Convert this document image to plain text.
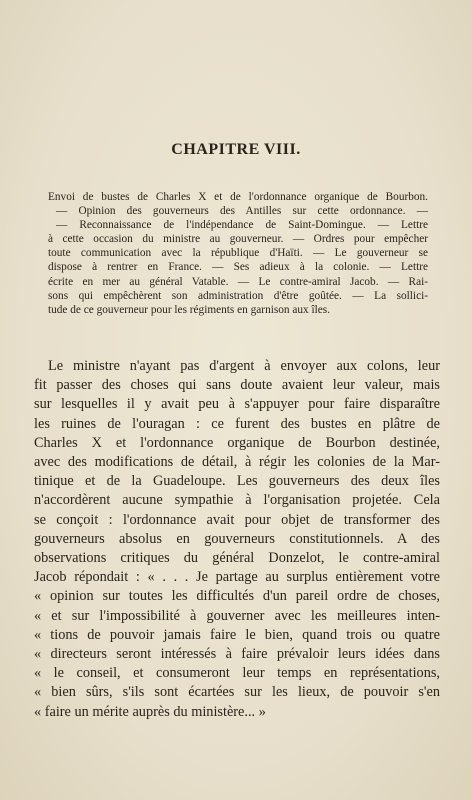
CHAPITRE VIII.
Envoi de bustes de Charles X et de l'ordonnance organique de Bourbon.
— Opinion des gouverneurs des Antilles sur cette ordonnance. —
— Reconnaissance de l'indépendance de Saint-Domingue. — Lettre
à cette occasion du ministre au gouverneur. — Ordres pour empêcher
toute communication avec la république d'Haïti. — Le gouverneur se
dispose à rentrer en France. — Ses adieux à la colonie. — Lettre
écrite en mer au général Vatable. — Le contre-amiral Jacob. — Rai-
sons qui empêchèrent son administration d'être goûtée. — La sollici-
tude de ce gouverneur pour les régiments en garnison aux îles.
Le ministre n'ayant pas d'argent à envoyer aux colons, leur
fit passer des choses qui sans doute avaient leur valeur, mais
sur lesquelles il y avait peu à s'appuyer pour faire disparaître
les ruines de l'ouragan : ce furent des bustes en plâtre de
Charles X et l'ordonnance organique de Bourbon destinée,
avec des modifications de détail, à régir les colonies de la Mar-
tinique et de la Guadeloupe. Les gouverneurs des deux îles
n'accordèrent aucune sympathie à l'organisation projetée. Cela
se conçoit : l'ordonnance avait pour objet de transformer des
gouverneurs absolus en gouverneurs constitutionnels. A des
observations critiques du général Donzelot, le contre-amiral
Jacob répondait : « . . . Je partage au surplus entièrement votre
« opinion sur toutes les difficultés d'un pareil ordre de choses,
« et sur l'impossibilité à gouverner avec les meilleures inten-
« tions de pouvoir jamais faire le bien, quand trois ou quatre
« directeurs seront intéressés à faire prévaloir leurs idées dans
« le conseil, et consumeront leur temps en représentations,
« bien sûrs, s'ils sont écartées sur les lieux, de pouvoir s'en
« faire un mérite auprès du ministère... »
